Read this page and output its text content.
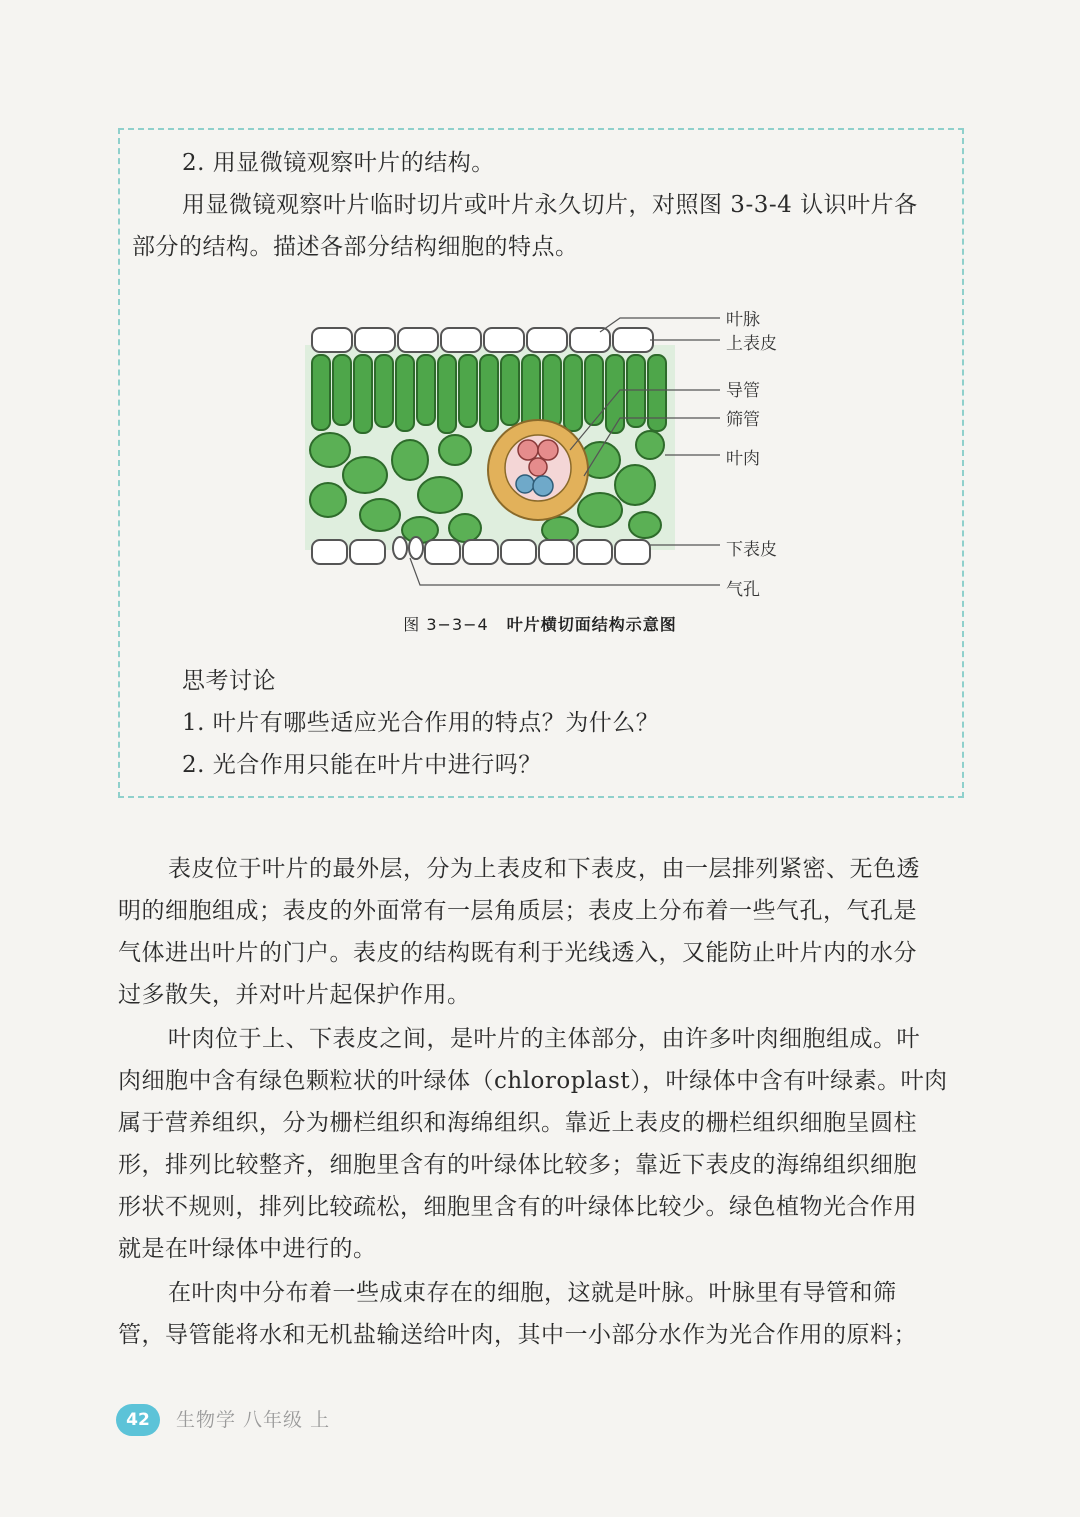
2. 用显微镜观察叶片的结构。

用显微镜观察叶片临时切片或叶片永久切片，对照图 3-3-4 认识叶片各

部分的结构。描述各部分结构细胞的特点。

叶脉
上表皮
导管
筛管
叶肉
下表皮
气孔
图 3−3−4 叶片横切面结构示意图

思考讨论

1. 叶片有哪些适应光合作用的特点？为什么？

2. 光合作用只能在叶片中进行吗？

表皮位于叶片的最外层，分为上表皮和下表皮，由一层排列紧密、无色透
明的细胞组成；表皮的外面常有一层角质层；表皮上分布着一些气孔，气孔是
气体进出叶片的门户。表皮的结构既有利于光线透入，又能防止叶片内的水分
过多散失，并对叶片起保护作用。
叶肉位于上、下表皮之间，是叶片的主体部分，由许多叶肉细胞组成。叶
肉细胞中含有绿色颗粒状的叶绿体（chloroplast），叶绿体中含有叶绿素。叶肉
属于营养组织，分为栅栏组织和海绵组织。靠近上表皮的栅栏组织细胞呈圆柱
形，排列比较整齐，细胞里含有的叶绿体比较多；靠近下表皮的海绵组织细胞
形状不规则，排列比较疏松，细胞里含有的叶绿体比较少。绿色植物光合作用
就是在叶绿体中进行的。
在叶肉中分布着一些成束存在的细胞，这就是叶脉。叶脉里有导管和筛
管，导管能将水和无机盐输送给叶肉，其中一小部分水作为光合作用的原料；
42	生物学 八年级 上
